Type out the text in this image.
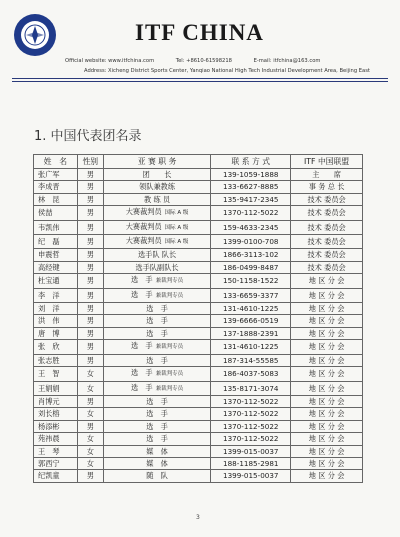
ITF CHINA
Official website: www.itfchina.com	Tel: +8610-61598218	E-mail: itfchina@163.com
Address: Xicheng District Sports Center, Yanqiao National High Tech Industrial Development Area, Beijing East
1. 中国代表团名录
姓　名	性别	亚 赛 职 务	联 系 方 式	ITF 中国联盟
张广军	男	团　　长	139-1059-1888	主　　席
李成晋	男	领队兼教练	133-6627-8885	事 务 总 长
林　昆	男	教 练 员	135-9417-2345	技术 委员会
侯喆	男	大赛裁判员 国际 A 级	1370-112-5022	技术 委员会
韦凯伟	男	大赛裁判员 国际 A 级	159-4633-2345	技术 委员会
纪　磊	男	大赛裁判员 国际 A 级	1399-0100-708	技术 委员会
申震哲	男	选手队 队长	1866-3113-102	技术 委员会
高经键	男	选手队副队长	186-0499-8487	技术 委员会
杜宝通	男	选　手 兼裁判专员	150-1158-1522	地 区 分 会
李　洋	男	选　手 兼裁判专员	133-6659-3377	地 区 分 会
刘　洋	男	选　手	131-4610-1225	地 区 分 会
洪　伟	男	选　手	139-6666-0519	地 区 分 会
唐　博	男	选　手	137-1888-2391	地 区 分 会
张　欣	男	选　手 兼裁判专员	131-4610-1225	地 区 分 会
张志胜	男	选　手	187-314-55585	地 区 分 会
王　智	女	选　手 兼裁判专员	186-4037-5083	地 区 分 会
王娟娟	女	选　手 兼裁判专员	135-8171-3074	地 区 分 会
肖博元	男	选　手	1370-112-5022	地 区 分 会
刘长榕	女	选　手	1370-112-5022	地 区 分 会
杨添彬	男	选　手	1370-112-5022	地 区 分 会
苑祎晨	女	选　手	1370-112-5022	地 区 分 会
王　琴	女	媒　体	1399-015-0037	地 区 分 会
郭西宁	女	媒　体	188-1185-2981	地 区 分 会
纪凯童	男	随　队	1399-015-0037	地 区 分 会
3
